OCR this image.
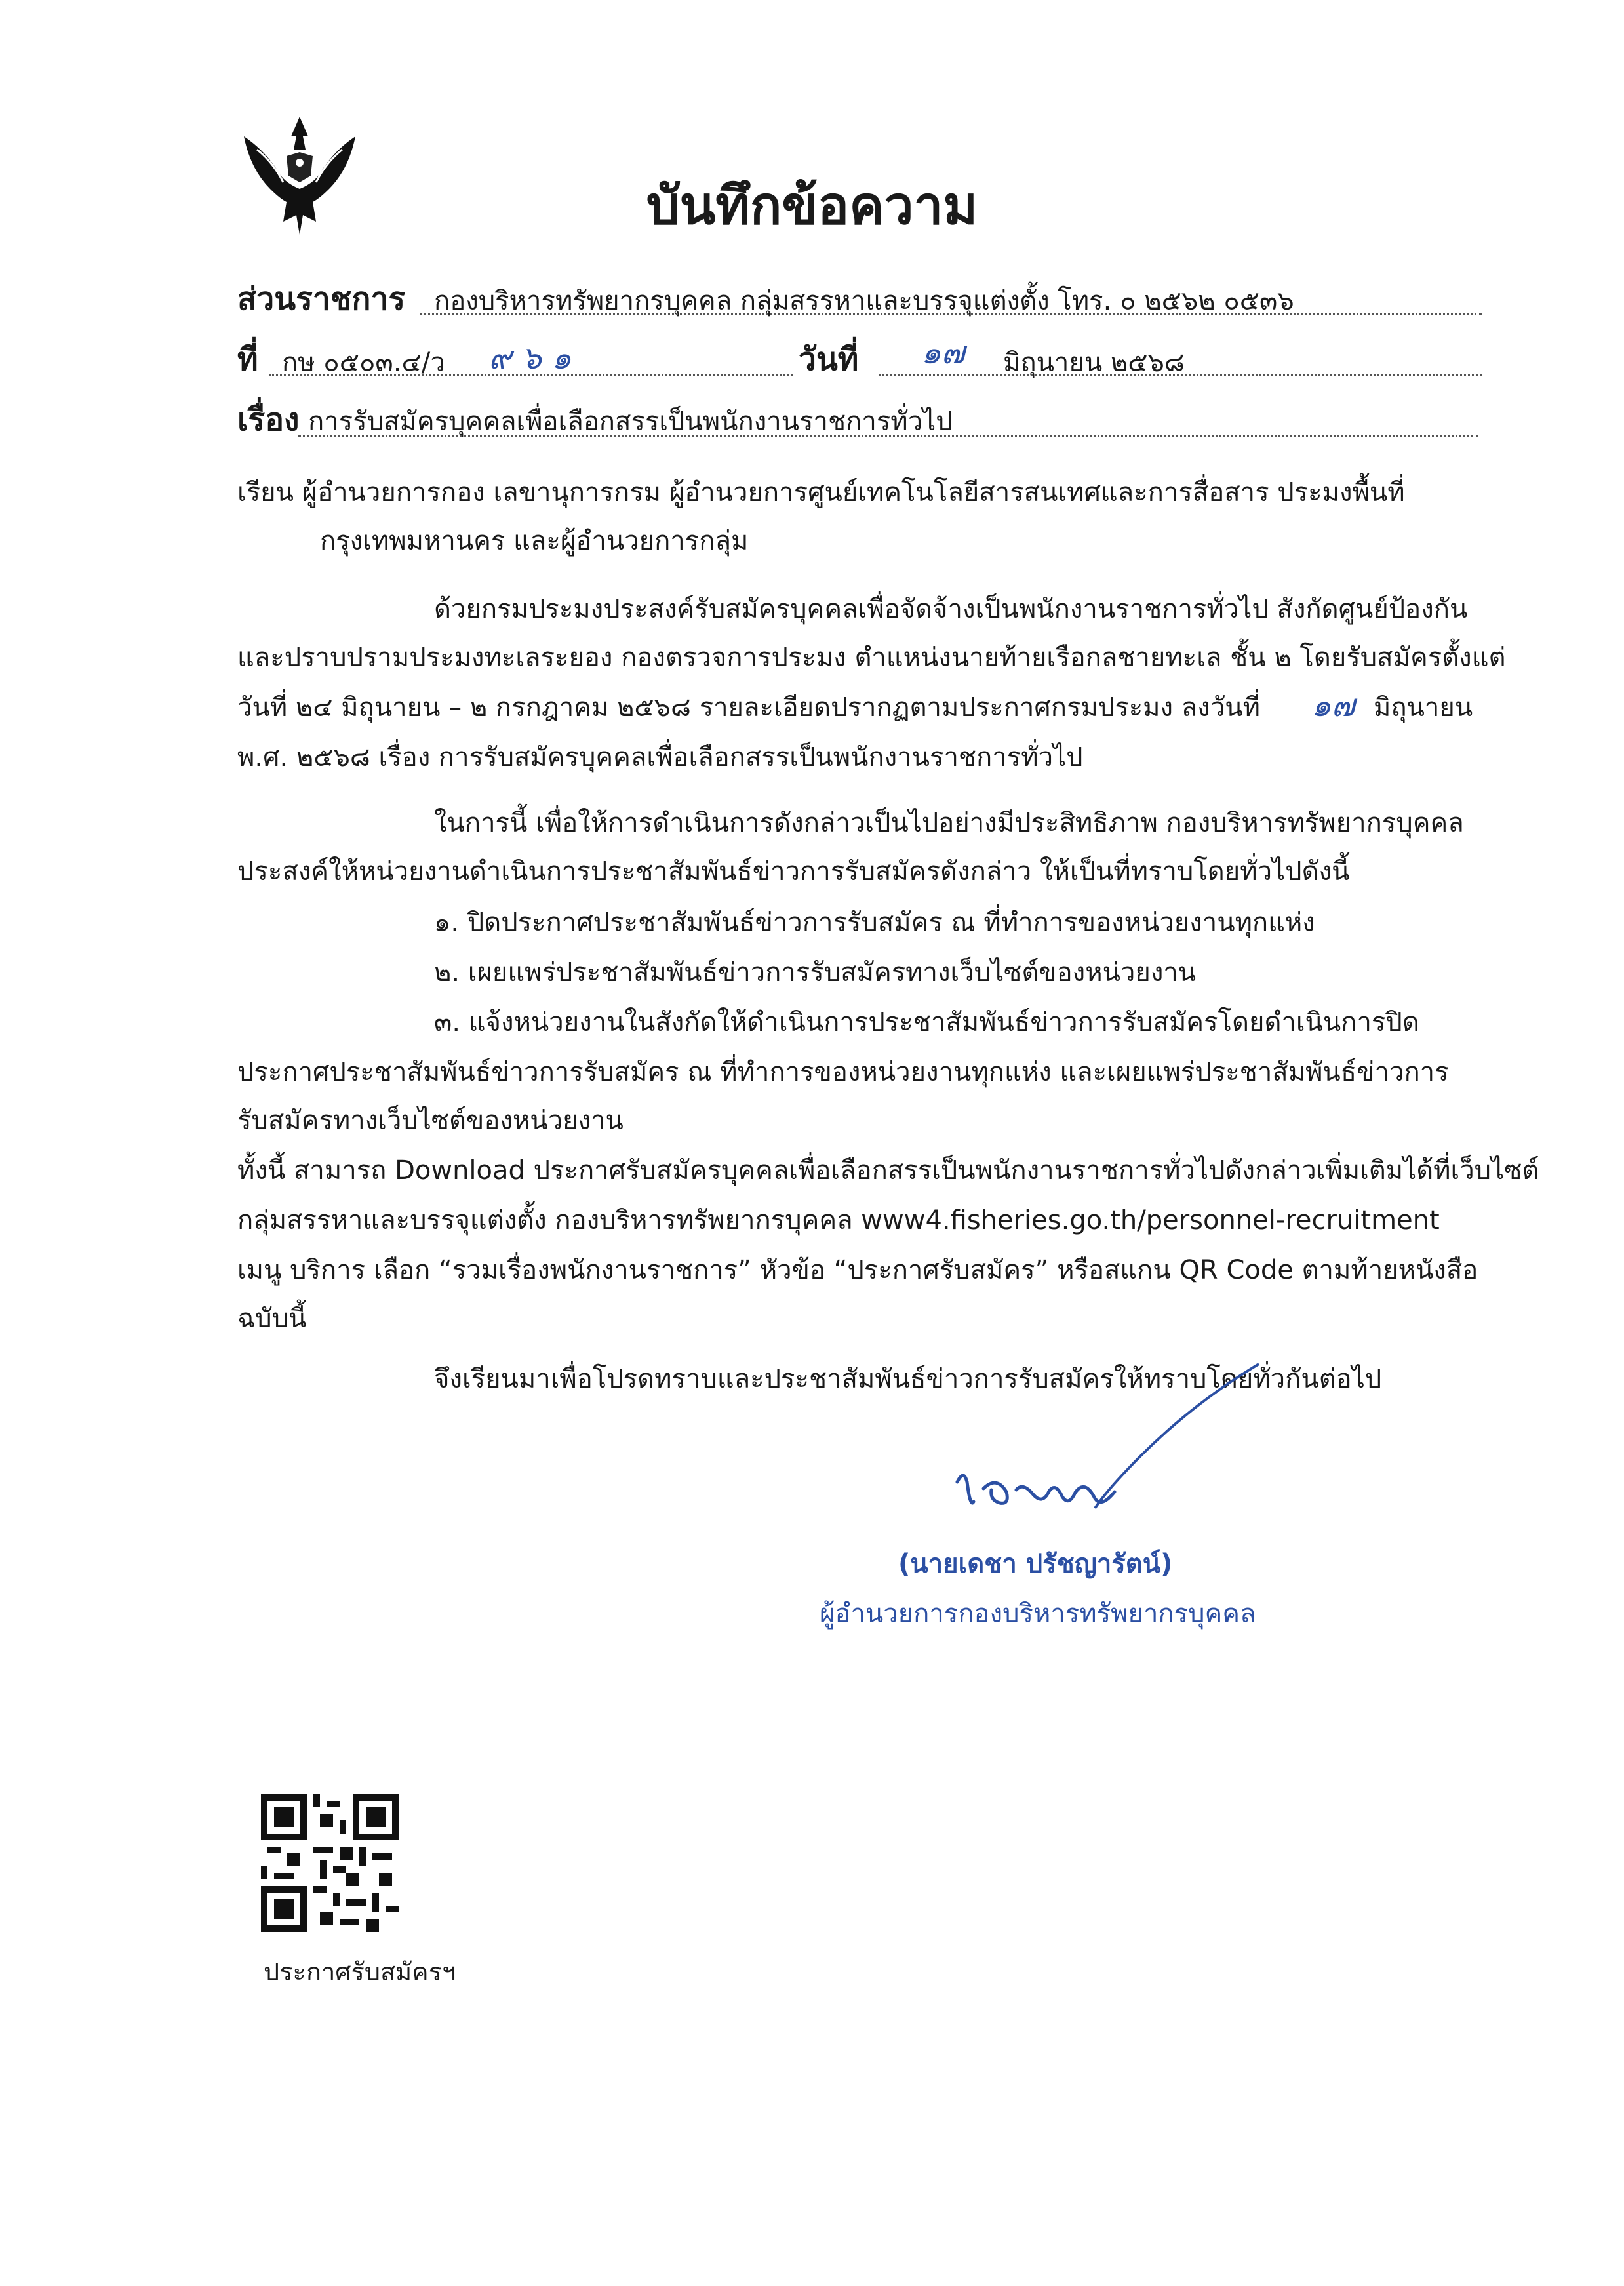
บันทึกข้อความ
ส่วนราชการ กองบริหารทรัพยากรบุคคล กลุ่มสรรหาและบรรจุแต่งตั้ง โทร. ๐ ๒๕๖๒ ๐๕๓๖
ที่ กษ ๐๕๐๓.๔/ว ๙ ๖ ๑	วันที่ ๑๗ มิถุนายน ๒๕๖๘
เรื่อง การรับสมัครบุคคลเพื่อเลือกสรรเป็นพนักงานราชการทั่วไป
เรียน ผู้อำนวยการกอง เลขานุการกรม ผู้อำนวยการศูนย์เทคโนโลยีสารสนเทศและการสื่อสาร ประมงพื้นที่
กรุงเทพมหานคร และผู้อำนวยการกลุ่ม
ด้วยกรมประมงประสงค์รับสมัครบุคคลเพื่อจัดจ้างเป็นพนักงานราชการทั่วไป สังกัดศูนย์ป้องกัน
และปราบปรามประมงทะเลระยอง กองตรวจการประมง ตำแหน่งนายท้ายเรือกลชายทะเล ชั้น ๒ โดยรับสมัครตั้งแต่
วันที่ ๒๔ มิถุนายน – ๒ กรกฎาคม ๒๕๖๘ รายละเอียดปรากฏตามประกาศกรมประมง ลงวันที่ ๑๗ มิถุนายน
พ.ศ. ๒๕๖๘ เรื่อง การรับสมัครบุคคลเพื่อเลือกสรรเป็นพนักงานราชการทั่วไป
ในการนี้ เพื่อให้การดำเนินการดังกล่าวเป็นไปอย่างมีประสิทธิภาพ กองบริหารทรัพยากรบุคคล
ประสงค์ให้หน่วยงานดำเนินการประชาสัมพันธ์ข่าวการรับสมัครดังกล่าว ให้เป็นที่ทราบโดยทั่วไปดังนี้
๑. ปิดประกาศประชาสัมพันธ์ข่าวการรับสมัคร ณ ที่ทำการของหน่วยงานทุกแห่ง
๒. เผยแพร่ประชาสัมพันธ์ข่าวการรับสมัครทางเว็บไซต์ของหน่วยงาน
๓. แจ้งหน่วยงานในสังกัดให้ดำเนินการประชาสัมพันธ์ข่าวการรับสมัครโดยดำเนินการปิด
ประกาศประชาสัมพันธ์ข่าวการรับสมัคร ณ ที่ทำการของหน่วยงานทุกแห่ง และเผยแพร่ประชาสัมพันธ์ข่าวการ
รับสมัครทางเว็บไซต์ของหน่วยงาน
ทั้งนี้ สามารถ Download ประกาศรับสมัครบุคคลเพื่อเลือกสรรเป็นพนักงานราชการทั่วไปดังกล่าวเพิ่มเติมได้ที่เว็บไซต์
กลุ่มสรรหาและบรรจุแต่งตั้ง กองบริหารทรัพยากรบุคคล www4.fisheries.go.th/personnel-recruitment
เมนู บริการ เลือก “รวมเรื่องพนักงานราชการ” หัวข้อ “ประกาศรับสมัคร” หรือสแกน QR Code ตามท้ายหนังสือ
ฉบับนี้
จึงเรียนมาเพื่อโปรดทราบและประชาสัมพันธ์ข่าวการรับสมัครให้ทราบโดยทั่วกันต่อไป
(นายเดชา ปรัชญารัตน์)
ผู้อำนวยการกองบริหารทรัพยากรบุคคล
ประกาศรับสมัครฯ
